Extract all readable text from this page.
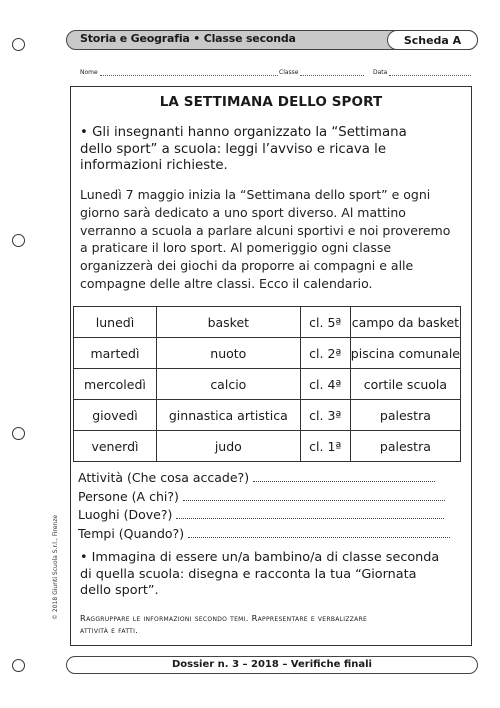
Storia e Geografia • Classe seconda	Scheda A
Nome	Classe	Data
LA SETTIMANA DELLO SPORT
• Gli insegnanti hanno organizzato la “Settimana
dello sport” a scuola: leggi l’avviso e ricava le
informazioni richieste.
Lunedì 7 maggio inizia la “Settimana dello sport” e ogni
giorno sarà dedicato a uno sport diverso. Al mattino
verranno a scuola a parlare alcuni sportivi e noi proveremo
a praticare il loro sport. Al pomeriggio ogni classe
organizzerà dei giochi da proporre ai compagni e alle
compagne delle altre classi. Ecco il calendario.
lunedì	basket	cl. 5ª	campo da basket
martedì	nuoto	cl. 2ª	piscina comunale
mercoledì	calcio	cl. 4ª	cortile scuola
giovedì	ginnastica artistica	cl. 3ª	palestra
venerdì	judo	cl. 1ª	palestra
Attività (Che cosa accade?)
Persone (A chi?)
Luoghi (Dove?)
Tempi (Quando?)
• Immagina di essere un/a bambino/a di classe seconda
di quella scuola: disegna e racconta la tua “Giornata
dello sport”.
Raggruppare le informazioni secondo temi. Rappresentare e verbalizzare
attività e fatti.
© 2018 Giunti Scuola S.r.l., Firenze
Dossier n. 3 – 2018 – Verifiche finali
